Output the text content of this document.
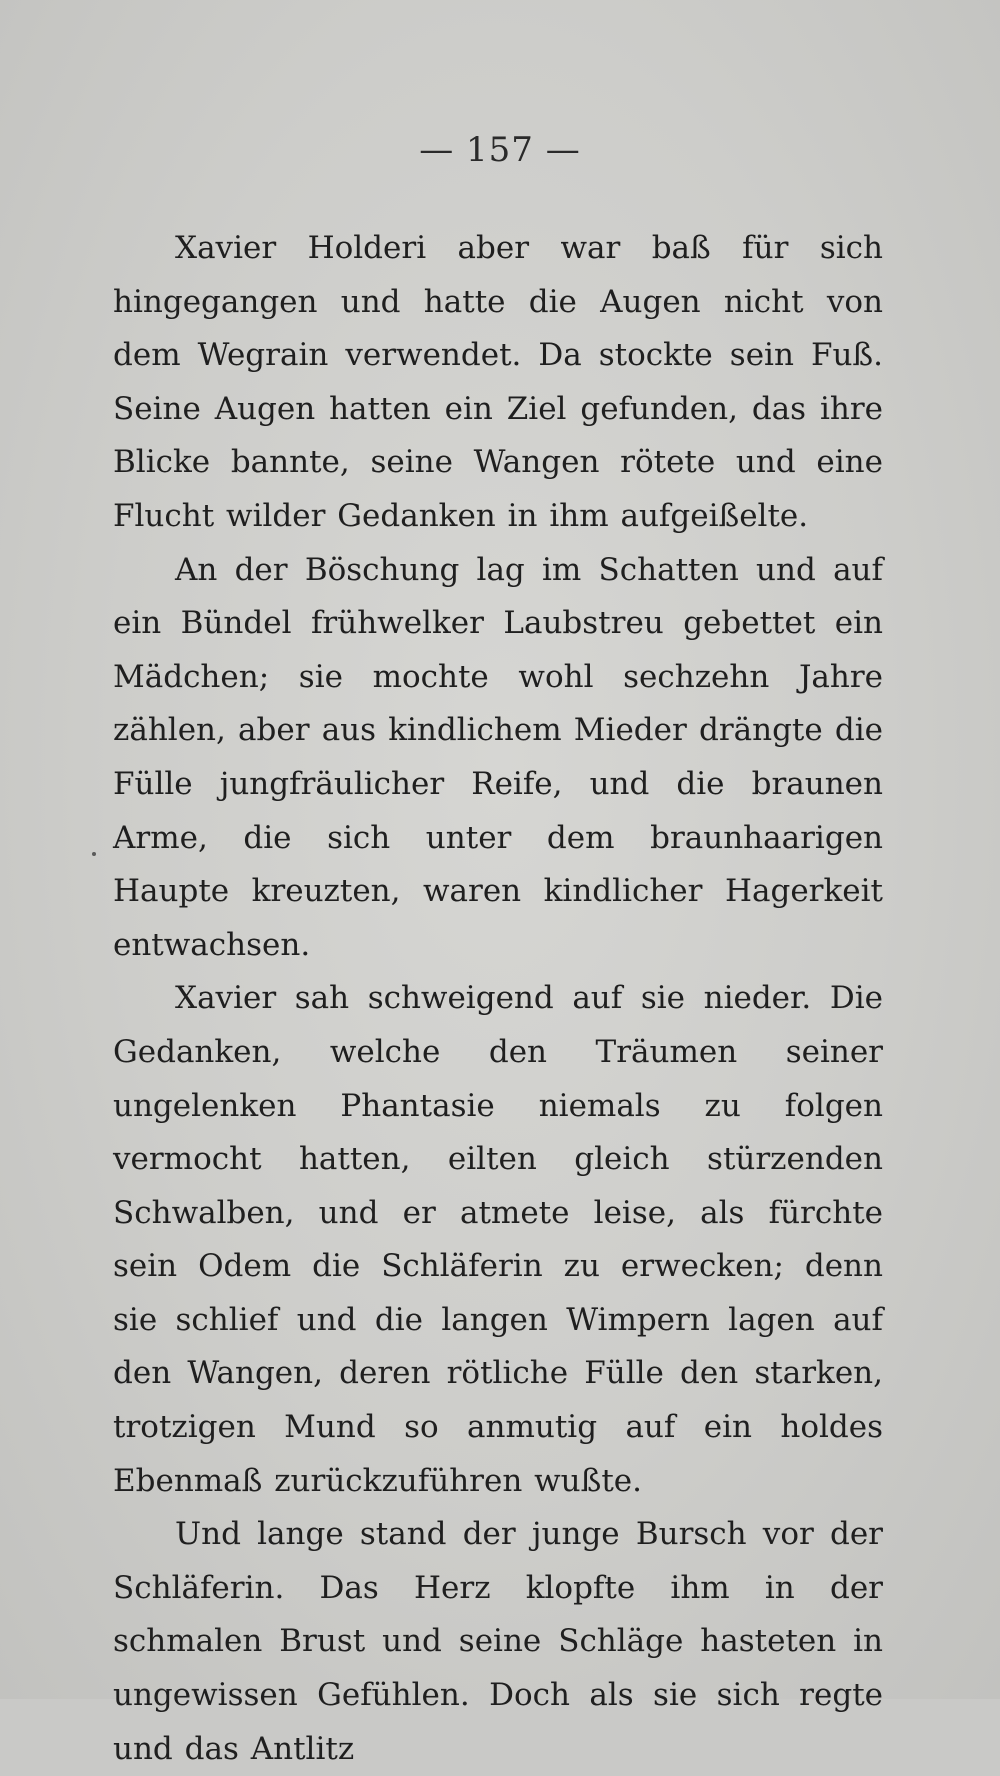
— 157 —

Xavier Holderi aber war baß für sich hingegangen und hatte die Augen nicht von dem Wegrain verwendet. Da stockte sein Fuß. Seine Augen hatten ein Ziel gefunden, das ihre Blicke bannte, seine Wangen rötete und eine Flucht wilder Gedanken in ihm aufgeißelte.

An der Böschung lag im Schatten und auf ein Bündel frühwelker Laubstreu gebettet ein Mädchen; sie mochte wohl sechzehn Jahre zählen, aber aus kindlichem Mieder drängte die Fülle jungfräulicher Reife, und die braunen Arme, die sich unter dem braunhaarigen Haupte kreuzten, waren kindlicher Hagerkeit entwachsen.

Xavier sah schweigend auf sie nieder. Die Gedanken, welche den Träumen seiner ungelenken Phantasie niemals zu folgen vermocht hatten, eilten gleich stürzenden Schwalben, und er atmete leise, als fürchte sein Odem die Schläferin zu erwecken; denn sie schlief und die langen Wimpern lagen auf den Wangen, deren rötliche Fülle den starken, trotzigen Mund so anmutig auf ein holdes Ebenmaß zurückzuführen wußte.

Und lange stand der junge Bursch vor der Schläferin. Das Herz klopfte ihm in der schmalen Brust und seine Schläge hasteten in ungewissen Gefühlen. Doch als sie sich regte und das Antlitz
